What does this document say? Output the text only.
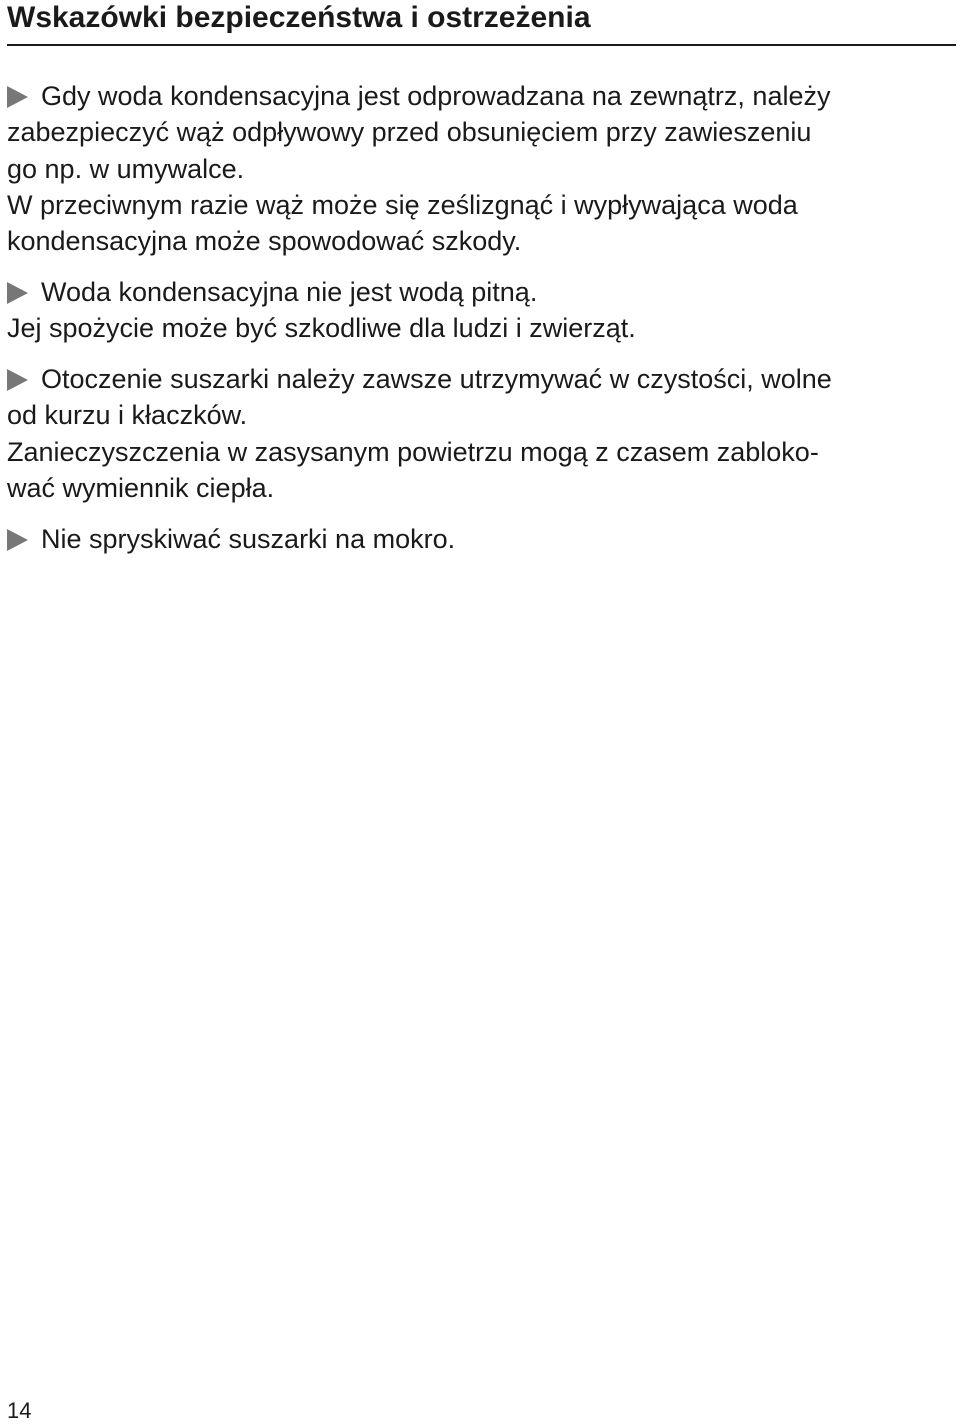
Wskazówki bezpieczeństwa i ostrzeżenia
Gdy woda kondensacyjna jest odprowadzana na zewnątrz, należy
zabezpieczyć wąż odpływowy przed obsunięciem przy zawieszeniu
go np. w umywalce.
W przeciwnym razie wąż może się ześlizgnąć i wypływająca woda
kondensacyjna może spowodować szkody.
Woda kondensacyjna nie jest wodą pitną.
Jej spożycie może być szkodliwe dla ludzi i zwierząt.
Otoczenie suszarki należy zawsze utrzymywać w czystości, wolne
od kurzu i kłaczków.
Zanieczyszczenia w zasysanym powietrzu mogą z czasem zabloko-
wać wymiennik ciepła.
Nie spryskiwać suszarki na mokro.
14
